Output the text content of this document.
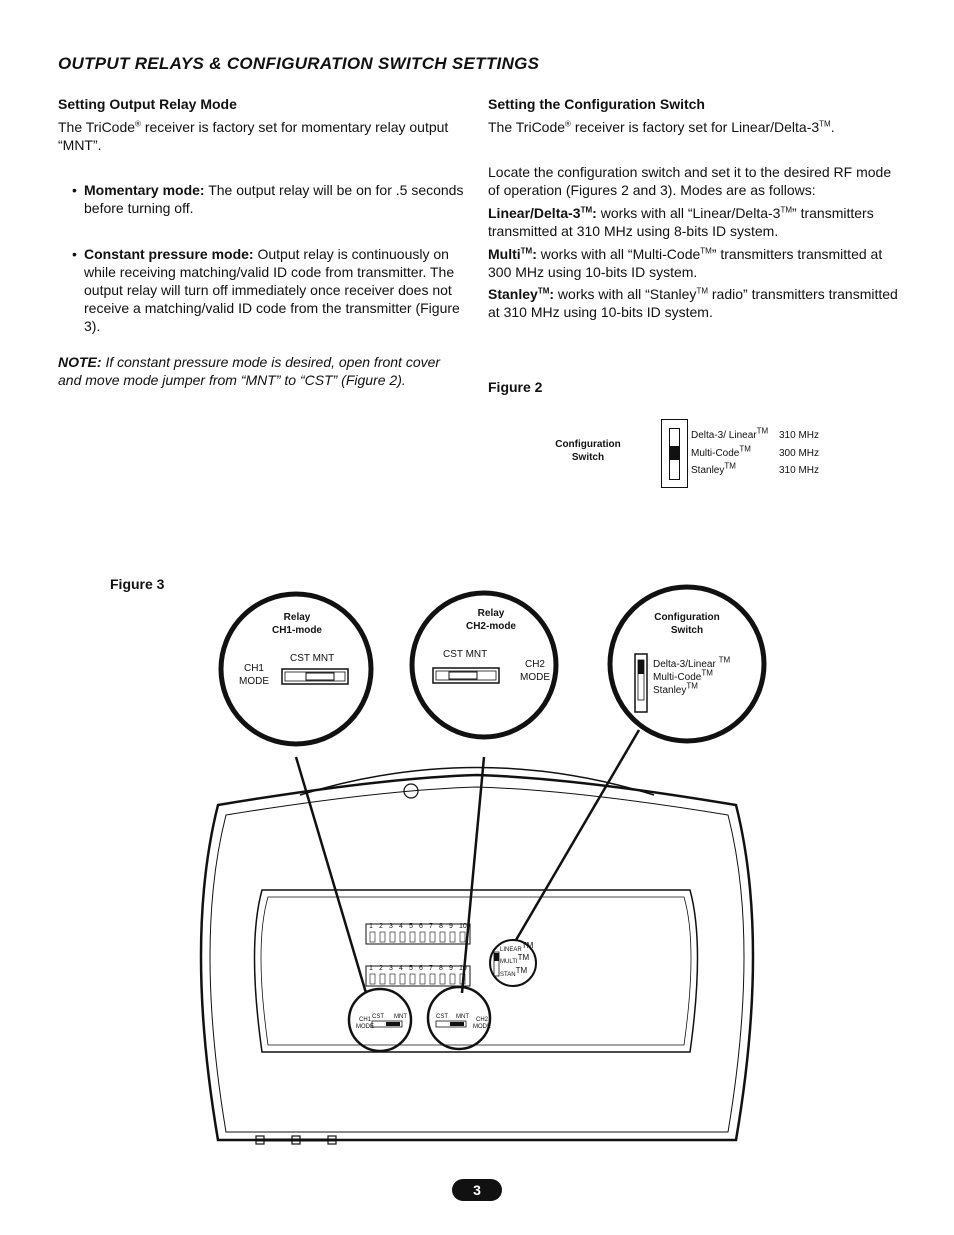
OUTPUT RELAYS & CONFIGURATION SWITCH SETTINGS
Setting Output Relay Mode
The TriCode® receiver is factory set for momentary relay output “MNT”.
• Momentary mode: The output relay will be on for .5 seconds before turning off.
• Constant pressure mode: Output relay is continuously on while receiving matching/valid ID code from transmitter. The output relay will turn off immediately once receiver does not receive a matching/valid ID code from the transmitter (Figure 3).
NOTE: If constant pressure mode is desired, open front cover and move mode jumper from “MNT” to “CST” (Figure 2).
Setting the Configuration Switch
The TriCode® receiver is factory set for Linear/Delta-3™.
Locate the configuration switch and set it to the desired RF mode of operation (Figures 2 and 3). Modes are as follows:
Linear/Delta-3™: works with all “Linear/Delta-3™” transmitters transmitted at 310 MHz using 8-bits ID system.
Multi™: works with all “Multi-Code™” transmitters transmitted at 300 MHz using 10-bits ID system.
Stanley™: works with all “Stanley™ radio” transmitters transmitted at 310 MHz using 10-bits ID system.
Figure 2
Configuration
Switch
Delta-3/ Linear™ 310 MHz
Multi-Code™	300 MHz
Stanley™	310 MHz
Figure 3
Relay
CH1-mode
CST MNT
CH1
MODE
Relay
CH2-mode
CST MNT
CH2
MODE
Configuration
Switch
Delta-3/Linear ™
Multi-Code™
Stanley™
LINEAR™
MULTI™
STAN™
CH1
MODE
CST MNT	CST MNT	CH2
MODE
1 2 3 4 5 6 7 8 9 10
1 2 3 4 5 6 7 8 9 10
3
